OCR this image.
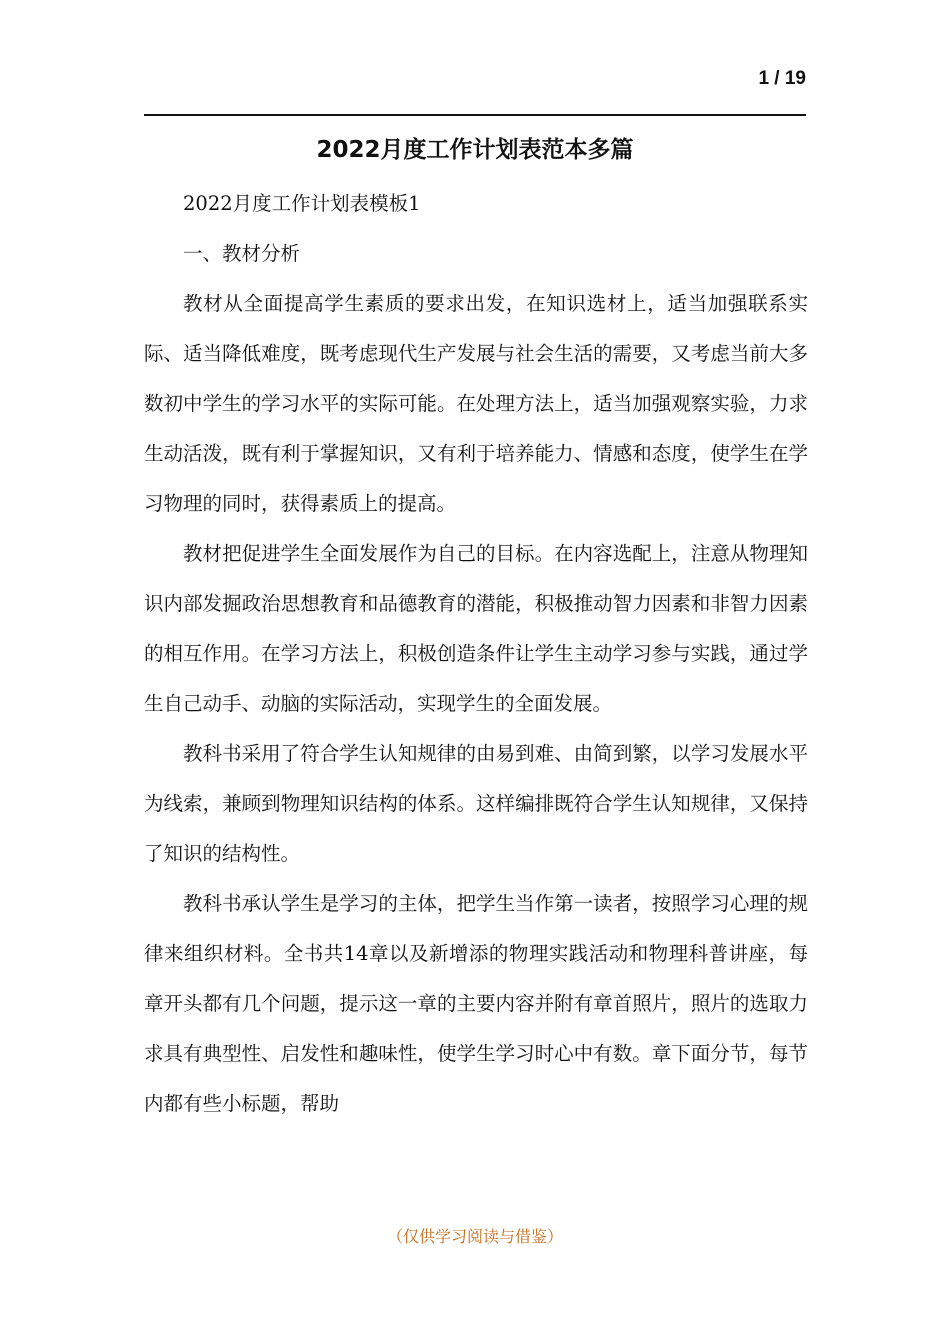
1 / 19
2022月度工作计划表范本多篇

2022月度工作计划表模板1

一、教材分析

教材从全面提高学生素质的要求出发，在知识选材上，适当加强联系实际、适当降低难度，既考虑现代生产发展与社会生活的需要，又考虑当前大多数初中学生的学习水平的实际可能。在处理方法上，适当加强观察实验，力求生动活泼，既有利于掌握知识，又有利于培养能力、情感和态度，使学生在学习物理的同时，获得素质上的提高。

教材把促进学生全面发展作为自己的目标。在内容选配上，注意从物理知识内部发掘政治思想教育和品德教育的潜能，积极推动智力因素和非智力因素的相互作用。在学习方法上，积极创造条件让学生主动学习参与实践，通过学生自己动手、动脑的实际活动，实现学生的全面发展。

教科书采用了符合学生认知规律的由易到难、由简到繁，以学习发展水平为线索，兼顾到物理知识结构的体系。这样编排既符合学生认知规律，又保持了知识的结构性。

教科书承认学生是学习的主体，把学生当作第一读者，按照学习心理的规律来组织材料。全书共14章以及新增添的物理实践活动和物理科普讲座，每章开头都有几个问题，提示这一章的主要内容并附有章首照片，照片的选取力求具有典型性、启发性和趣味性，使学生学习时心中有数。章下面分节，每节内都有些小标题，帮助

（仅供学习阅读与借鉴）
